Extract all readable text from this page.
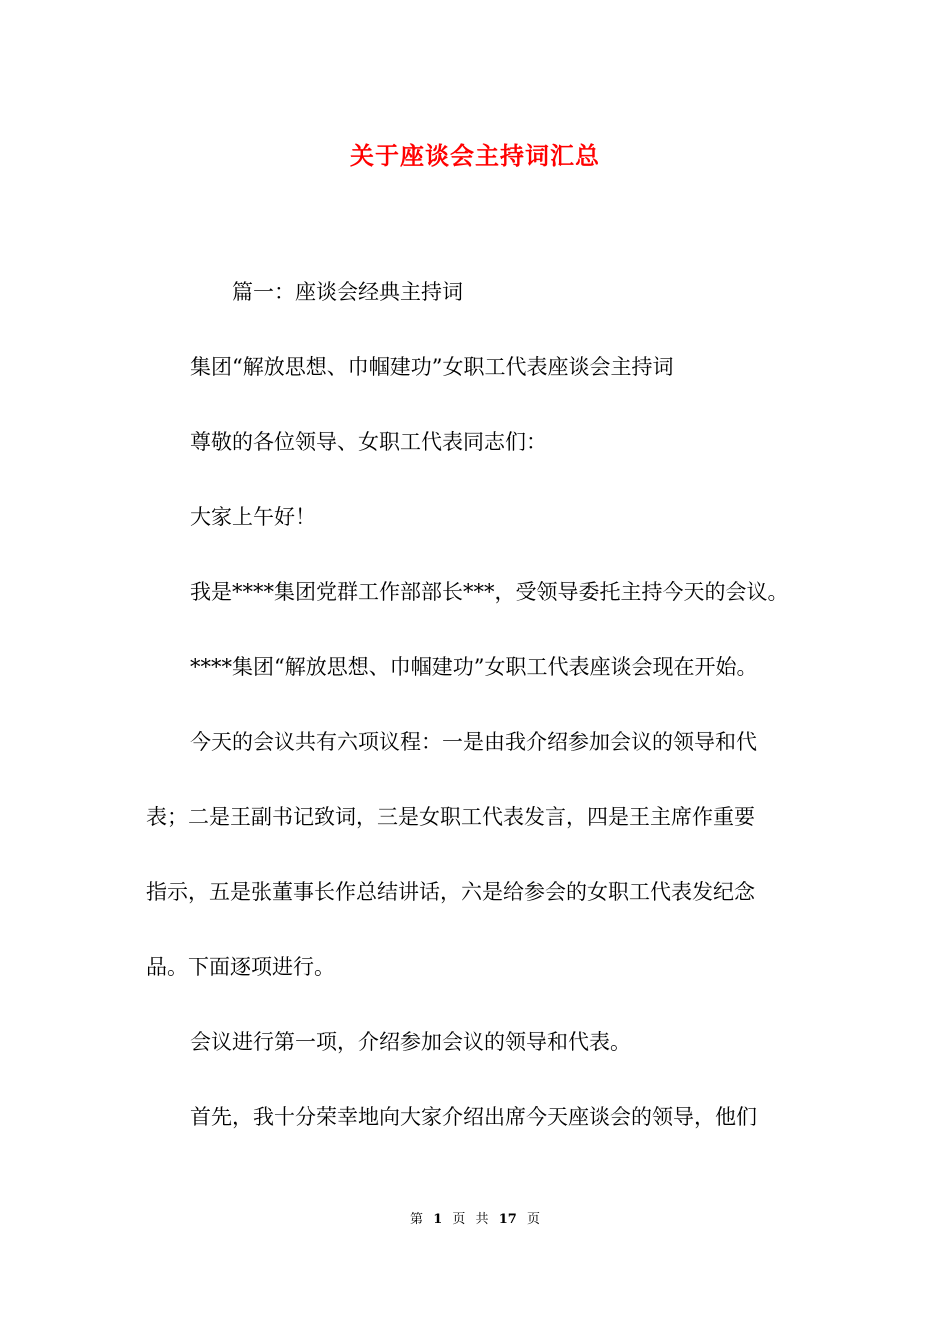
关于座谈会主持词汇总
篇一：座谈会经典主持词
集团“解放思想、巾帼建功”女职工代表座谈会主持词
尊敬的各位领导、女职工代表同志们：
大家上午好！
我是****集团党群工作部部长***，受领导委托主持今天的会议。
****集团“解放思想、巾帼建功”女职工代表座谈会现在开始。
今天的会议共有六项议程：一是由我介绍参加会议的领导和代
表；二是王副书记致词，三是女职工代表发言，四是王主席作重要
指示，五是张董事长作总结讲话，六是给参会的女职工代表发纪念
品。下面逐项进行。
会议进行第一项，介绍参加会议的领导和代表。
首先，我十分荣幸地向大家介绍出席今天座谈会的领导，他们
第 1 页 共 17 页
